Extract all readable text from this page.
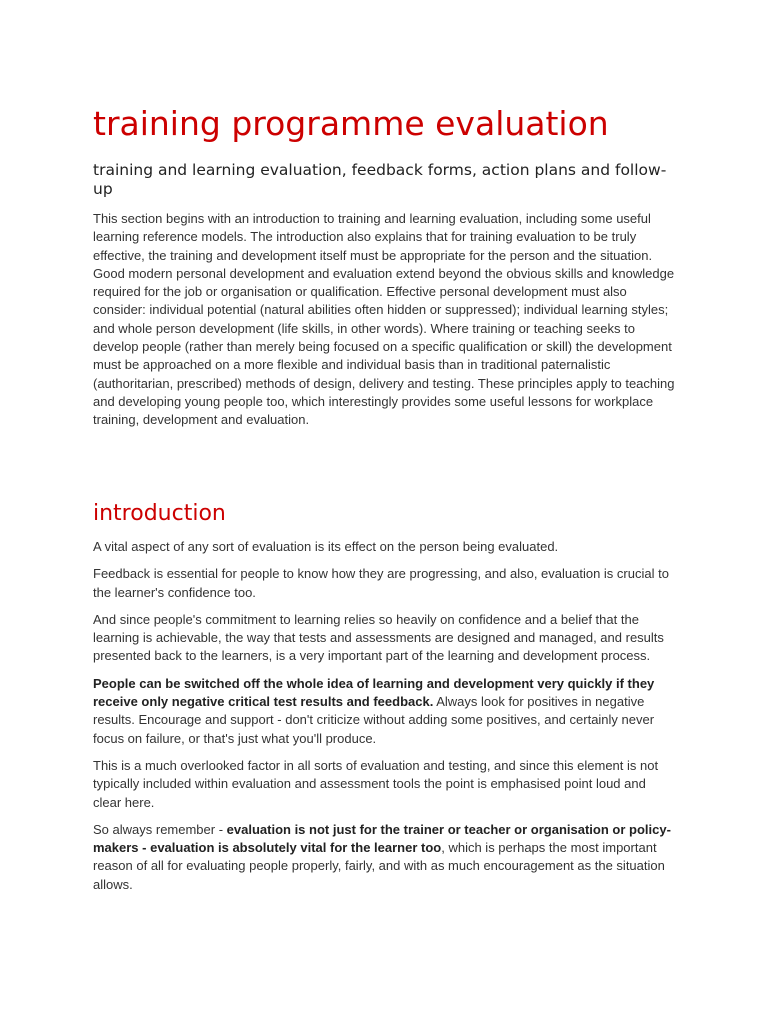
training programme evaluation
training and learning evaluation, feedback forms, action plans and follow-up

This section begins with an introduction to training and learning evaluation, including some useful learning reference models. The introduction also explains that for training evaluation to be truly effective, the training and development itself must be appropriate for the person and the situation. Good modern personal development and evaluation extend beyond the obvious skills and knowledge required for the job or organisation or qualification. Effective personal development must also consider: individual potential (natural abilities often hidden or suppressed); individual learning styles; and whole person development (life skills, in other words). Where training or teaching seeks to develop people (rather than merely being focused on a specific qualification or skill) the development must be approached on a more flexible and individual basis than in traditional paternalistic (authoritarian, prescribed) methods of design, delivery and testing. These principles apply to teaching and developing young people too, which interestingly provides some useful lessons for workplace training, development and evaluation.

introduction

A vital aspect of any sort of evaluation is its effect on the person being evaluated.

Feedback is essential for people to know how they are progressing, and also, evaluation is crucial to the learner's confidence too.

And since people's commitment to learning relies so heavily on confidence and a belief that the learning is achievable, the way that tests and assessments are designed and managed, and results presented back to the learners, is a very important part of the learning and development process.

People can be switched off the whole idea of learning and development very quickly if they receive only negative critical test results and feedback. Always look for positives in negative results. Encourage and support - don't criticize without adding some positives, and certainly never focus on failure, or that's just what you'll produce.

This is a much overlooked factor in all sorts of evaluation and testing, and since this element is not typically included within evaluation and assessment tools the point is emphasised point loud and clear here.

So always remember - evaluation is not just for the trainer or teacher or organisation or policy-makers - evaluation is absolutely vital for the learner too, which is perhaps the most important reason of all for evaluating people properly, fairly, and with as much encouragement as the situation allows.
